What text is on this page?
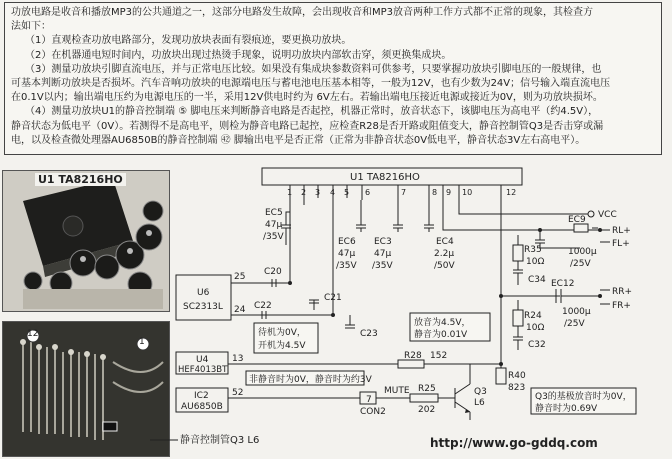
功放电路是收音和播放MP3的公共通道之一，这部分电路发生故障，会出现收音和MP3放音两种工作方式都不正常的现象，其检查方

法如下：

（1）直观检查功放电路部分，发现功放块表面有裂痕迹，要更换功放块。

（2）在机器通电短时间内，功放块出现过热烫手现象，说明功放块内部软击穿，须更换集成块。

（3）测量功放块引脚直流电压，并与正常电压比较。如果没有集成块参数资料可供参考，只要掌握功放块引脚电压的一般规律，也

可基本判断功放块是否损坏。汽车音响功放块的电源端电压与蓄电池电压基本相等，一般为12V，也有少数为24V；信号输入端直流电压

在0.1V以内；输出端电压约为电源电压的一半，采用12V供电时约为 6V左右。若输出端电压接近电源或接近为0V，则为功放块损坏。

（4）测量功放块U1的静音控制端 ⑤ 脚电压来判断静音电路是否起控，机器正常时，放音状态下，该脚电压为高电平（约4.5V），

静音状态为低电平（0V）。若测得不是高电平，则检为静音电路已起控，应检查R28是否开路或阻值变大，静音控制管Q3是否击穿或漏

电，以及检查微处理器AU6850B的静音控制端 ㊷ 脚输出电平是否正常（正常为非静音状态0V低电平，静音状态3V左右高电平）。

U1 TA8216HO
12
1
U1 TA8216HO
1 2 3 4 5 6	7	8 9 10	12
VCC
EC5
47μ
/35V	EC6
47μ
/35V
EC3
47μ
/35V
EC4
2.2μ
/50V
EC9
1000μ
/25V
R35
10Ω
C34
RL+
FL+
RR+
FR+
EC12
1000μ
/25V
R24
10Ω
C32
U6
SC2313L
25
24
C20
C21
C22
C23
U4
HEF4013BT
13
IC2
AU6850B
52
R28 152
R25
202
7
CON2
MUTE
R40
823
Q3
L6
待机为0V，
开机为4.5V
放音为4.5V，
静音为0.01V
非静音时为0V，静音时为约3V
Q3的基极放音时为0V，
静音时为0.69V
http://www.go-gddq.com
静音控制管Q3 L6
